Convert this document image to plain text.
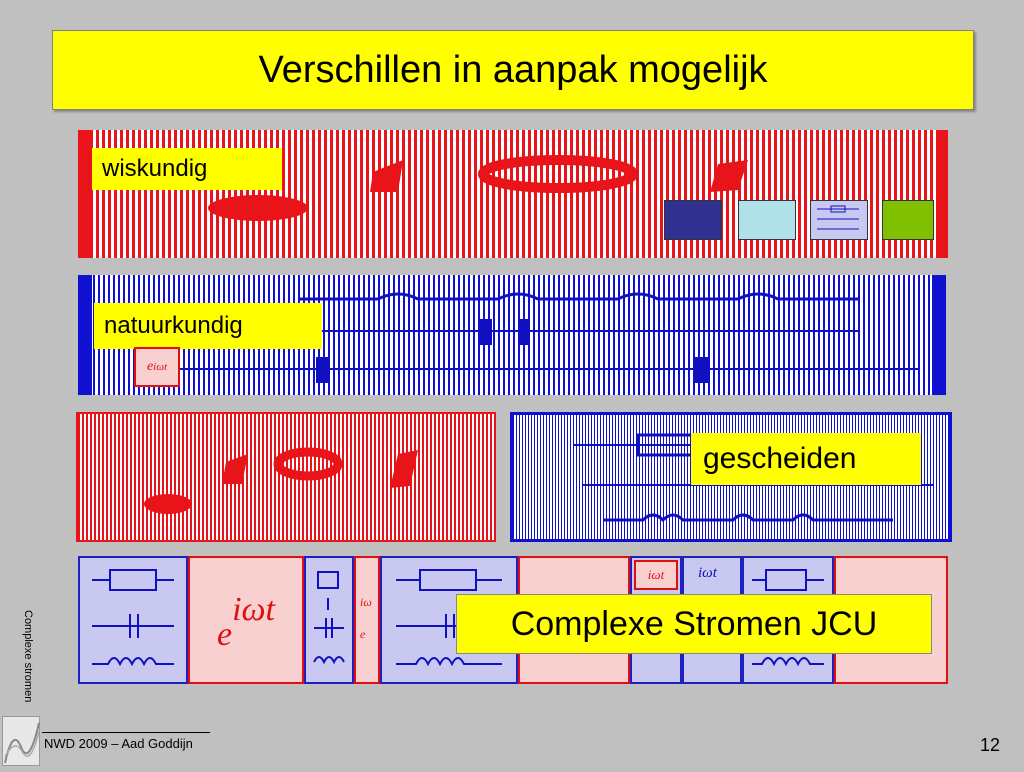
Verschillen in aanpak mogelijk
wiskundig
natuurkundig
e iωt
gescheiden
e
iωt	iω
e
iωt iωt
Complexe Stromen JCU
Complexe stromen
NWD 2009 – Aad Goddijn	12
